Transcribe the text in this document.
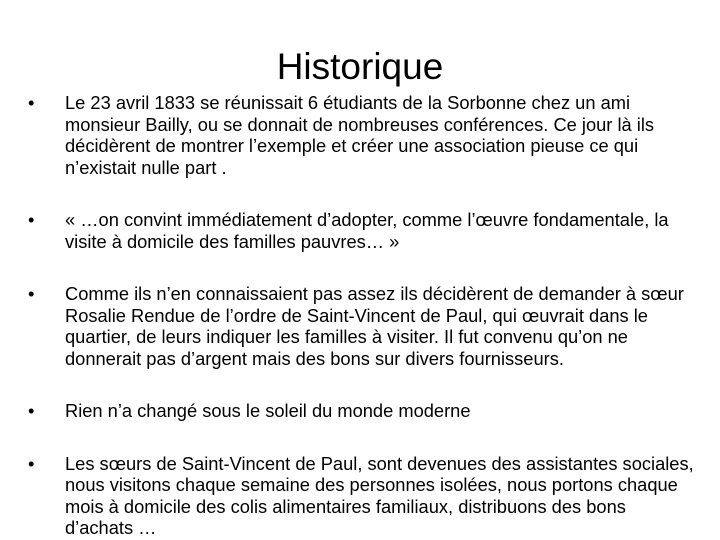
Historique
•	Le 23 avril 1833 se réunissait 6 étudiants de la Sorbonne chez un ami monsieur Bailly, ou se donnait de nombreuses conférences. Ce jour là ils décidèrent de montrer l’exemple et créer une association pieuse ce qui n’existait nulle part .
•	« …on convint immédiatement d’adopter, comme l’œuvre fondamentale, la visite à domicile des familles pauvres… »
•	Comme ils n’en connaissaient pas assez ils décidèrent de demander à sœur Rosalie Rendue de l’ordre de Saint-Vincent de Paul, qui œuvrait dans le quartier, de leurs indiquer les familles à visiter. Il fut convenu qu’on ne donnerait pas d’argent mais des bons sur divers fournisseurs.
•	Rien n’a changé sous le soleil du monde moderne
•	Les sœurs de Saint-Vincent de Paul, sont devenues des assistantes sociales, nous visitons chaque semaine des personnes isolées, nous portons chaque mois à domicile des colis alimentaires familiaux, distribuons des bons d’achats …
